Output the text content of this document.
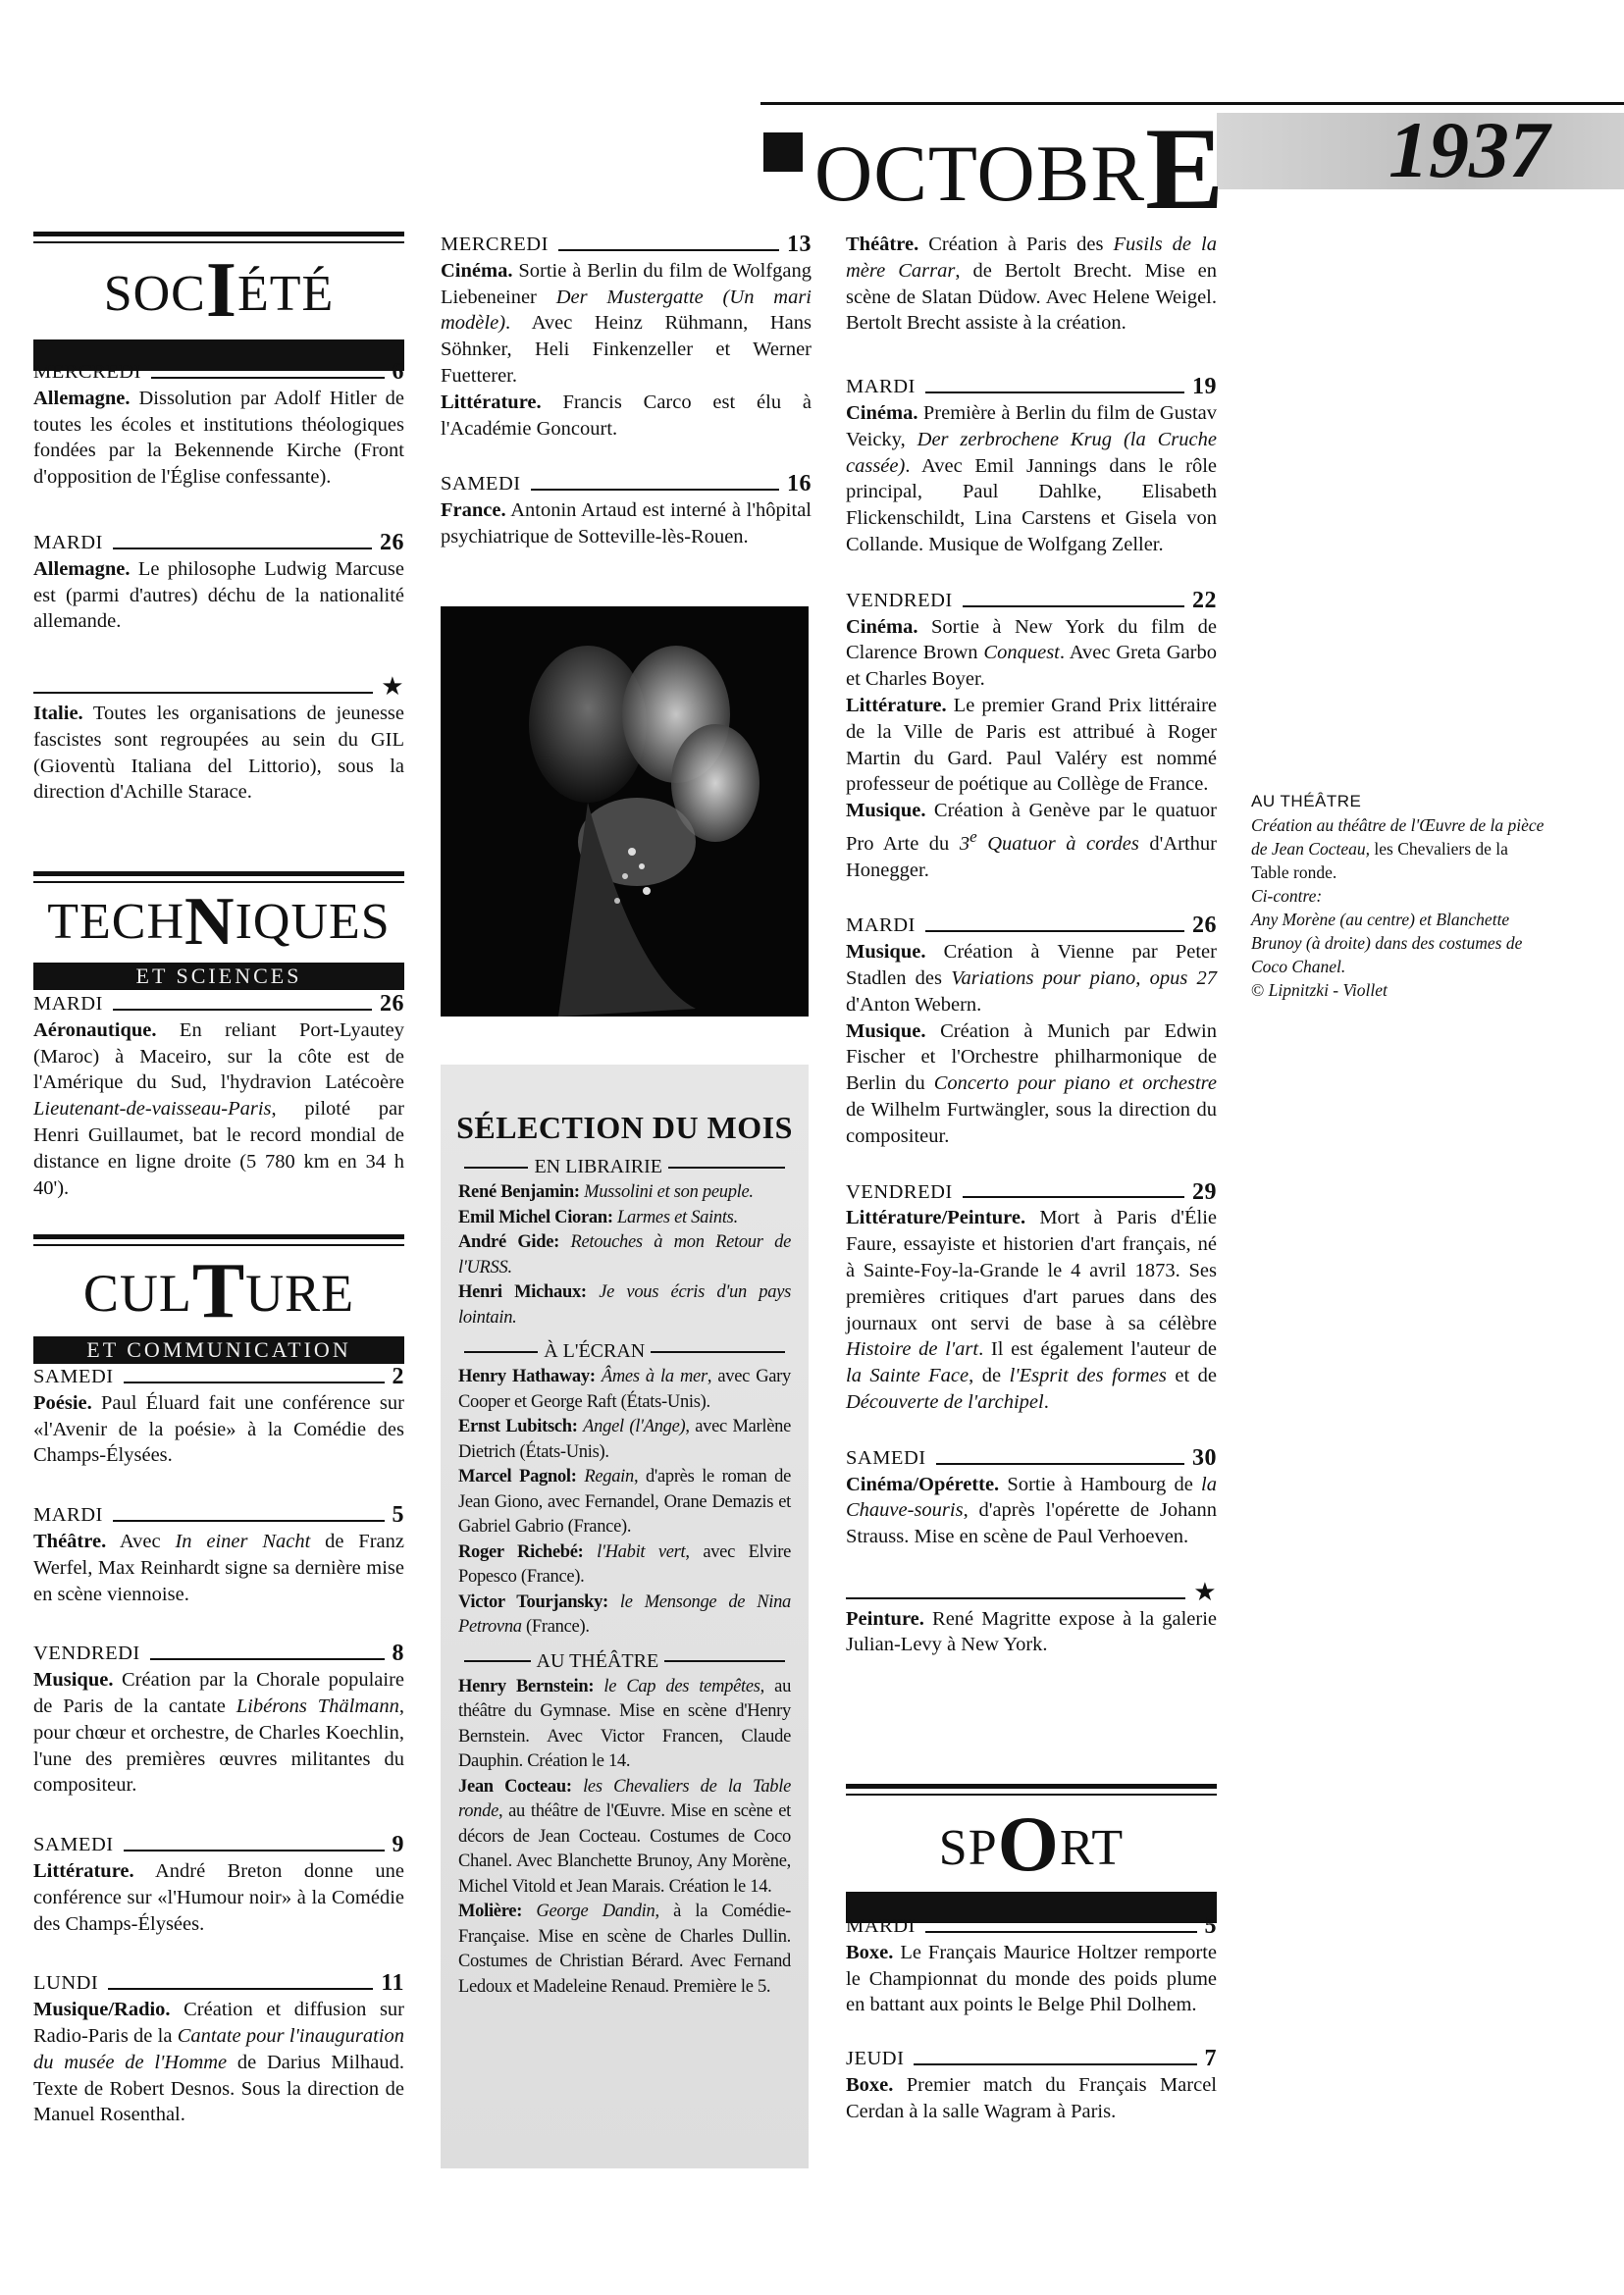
OCTOBRE 1937
SOCIÉTÉ
MERCREDI	6

Allemagne. Dissolution par Adolf Hitler de toutes les écoles et institutions théologiques fondées par la Bekennende Kirche (Front d'opposition de l'Église confessante).

MARDI	26

Allemagne. Le philosophe Ludwig Marcuse est (parmi d'autres) déchu de la nationalité allemande.

★

Italie. Toutes les organisations de jeunesse fascistes sont regroupées au sein du GIL (Gioventù Italiana del Littorio), sous la direction d'Achille Starace.

TECHNIQUES
ET SCIENCES
MARDI	26

Aéronautique. En reliant Port-Lyautey (Maroc) à Maceiro, sur la côte est de l'Amérique du Sud, l'hydravion Latécoère Lieutenant-de-vaisseau-Paris, piloté par Henri Guillaumet, bat le record mondial de distance en ligne droite (5 780 km en 34 h 40').

CULTURE
ET COMMUNICATION
SAMEDI	2

Poésie. Paul Éluard fait une conférence sur «l'Avenir de la poésie» à la Comédie des Champs-Élysées.

MARDI	5

Théâtre. Avec In einer Nacht de Franz Werfel, Max Reinhardt signe sa dernière mise en scène viennoise.

VENDREDI	8

Musique. Création par la Chorale populaire de Paris de la cantate Libérons Thälmann, pour chœur et orchestre, de Charles Koechlin, l'une des premières œuvres militantes du compositeur.

SAMEDI	9

Littérature. André Breton donne une conférence sur «l'Humour noir» à la Comédie des Champs-Élysées.

LUNDI	11

Musique/Radio. Création et diffusion sur Radio-Paris de la Cantate pour l'inauguration du musée de l'Homme de Darius Milhaud. Texte de Robert Desnos. Sous la direction de Manuel Rosenthal.

MERCREDI	13

Cinéma. Sortie à Berlin du film de Wolfgang Liebeneiner Der Mustergatte (Un mari modèle). Avec Heinz Rühmann, Hans Söhnker, Heli Finkenzeller et Werner Fuetterer.
Littérature. Francis Carco est élu à l'Académie Goncourt.

SAMEDI	16

France. Antonin Artaud est interné à l'hôpital psychiatrique de Sotteville-lès-Rouen.

SÉLECTION DU MOIS
EN LIBRAIRIE
René Benjamin: Mussolini et son peuple.
Emil Michel Cioran: Larmes et Saints.
André Gide: Retouches à mon Retour de l'URSS.
Henri Michaux: Je vous écris d'un pays lointain.
À L'ÉCRAN
Henry Hathaway: Âmes à la mer, avec Gary Cooper et George Raft (États-Unis).
Ernst Lubitsch: Angel (l'Ange), avec Marlène Dietrich (États-Unis).
Marcel Pagnol: Regain, d'après le roman de Jean Giono, avec Fernandel, Orane Demazis et Gabriel Gabrio (France).
Roger Richebé: l'Habit vert, avec Elvire Popesco (France).
Victor Tourjansky: le Mensonge de Nina Petrovna (France).
AU THÉÂTRE
Henry Bernstein: le Cap des tempêtes, au théâtre du Gymnase. Mise en scène d'Henry Bernstein. Avec Victor Francen, Claude Dauphin. Création le 14.
Jean Cocteau: les Chevaliers de la Table ronde, au théâtre de l'Œuvre. Mise en scène et décors de Jean Cocteau. Costumes de Coco Chanel. Avec Blanchette Brunoy, Any Morène, Michel Vitold et Jean Marais. Création le 14.
Molière: George Dandin, à la Comédie-Française. Mise en scène de Charles Dullin. Costumes de Christian Bérard. Avec Fernand Ledoux et Madeleine Renaud. Première le 5.

Théâtre. Création à Paris des Fusils de la mère Carrar, de Bertolt Brecht. Mise en scène de Slatan Düdow. Avec Helene Weigel. Bertolt Brecht assiste à la création.

MARDI	19

Cinéma. Première à Berlin du film de Gustav Veicky, Der zerbrochene Krug (la Cruche cassée). Avec Emil Jannings dans le rôle principal, Paul Dahlke, Elisabeth Flickenschildt, Lina Carstens et Gisela von Collande. Musique de Wolfgang Zeller.

VENDREDI	22

Cinéma. Sortie à New York du film de Clarence Brown Conquest. Avec Greta Garbo et Charles Boyer.
Littérature. Le premier Grand Prix littéraire de la Ville de Paris est attribué à Roger Martin du Gard. Paul Valéry est nommé professeur de poétique au Collège de France.
Musique. Création à Genève par le quatuor Pro Arte du 3e Quatuor à cordes d'Arthur Honegger.

MARDI	26

Musique. Création à Vienne par Peter Stadlen des Variations pour piano, opus 27 d'Anton Webern.
Musique. Création à Munich par Edwin Fischer et l'Orchestre philharmonique de Berlin du Concerto pour piano et orchestre de Wilhelm Furtwängler, sous la direction du compositeur.

VENDREDI	29

Littérature/Peinture. Mort à Paris d'Élie Faure, essayiste et historien d'art français, né à Sainte-Foy-la-Grande le 4 avril 1873. Ses premières critiques d'art parues dans des journaux ont servi de base à sa célèbre Histoire de l'art. Il est également l'auteur de la Sainte Face, de l'Esprit des formes et de Découverte de l'archipel.

SAMEDI	30

Cinéma/Opérette. Sortie à Hambourg de la Chauve-souris, d'après l'opérette de Johann Strauss. Mise en scène de Paul Verhoeven.

★

Peinture. René Magritte expose à la galerie Julian-Levy à New York.

SPORT
MARDI	5

Boxe. Le Français Maurice Holtzer remporte le Championnat du monde des poids plume en battant aux points le Belge Phil Dolhem.

JEUDI	7

Boxe. Premier match du Français Marcel Cerdan à la salle Wagram à Paris.

AU THÉÂTRE
Création au théâtre de l'Œuvre de la pièce de Jean Cocteau, les Chevaliers de la Table ronde.
Ci-contre:
Any Morène (au centre) et Blanchette Brunoy (à droite) dans des costumes de Coco Chanel.
© Lipnitzki - Viollet
